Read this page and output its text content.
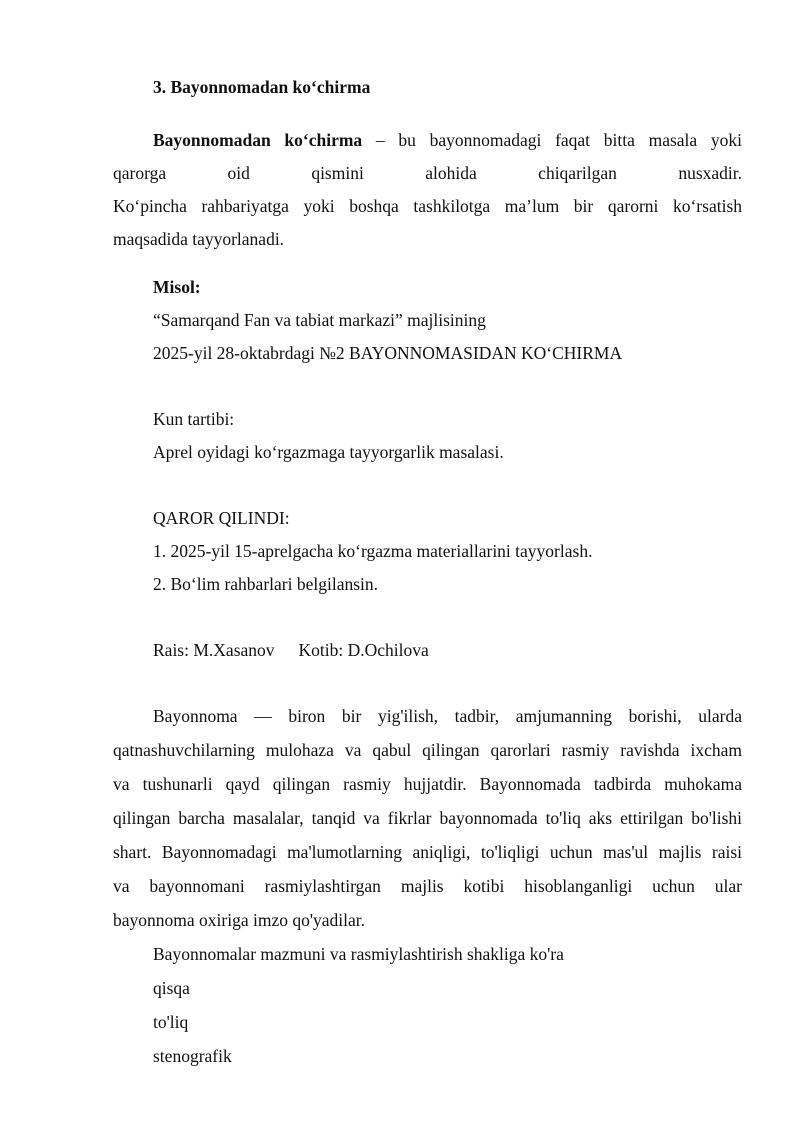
3. Bayonnomadan ko‘chirma
Bayonnomadan ko‘chirma – bu bayonnomadagi faqat bitta masala yoki
qarorga oid qismini alohida chiqarilgan nusxadir.
Ko‘pincha rahbariyatga yoki boshqa tashkilotga ma’lum bir qarorni ko‘rsatish
maqsadida tayyorlanadi.
Misol:
“Samarqand Fan va tabiat markazi” majlisining
2025-yil 28-oktabrdagi №2 BAYONNOMASIDAN KO‘CHIRMA
Kun tartibi:
Aprel oyidagi ko‘rgazmaga tayyorgarlik masalasi.
QAROR QILINDI:
1. 2025-yil 15-aprelgacha ko‘rgazma materiallarini tayyorlash.
2. Bo‘lim rahbarlari belgilansin.
Rais: M.Xasanov Kotib: D.Ochilova
Bayonnoma — biron bir yig'ilish, tadbir, amjumanning borishi, ularda
qatnashuvchilarning mulohaza va qabul qilingan qarorlari rasmiy ravishda ixcham
va tushunarli qayd qilingan rasmiy hujjatdir. Bayonnomada tadbirda muhokama
qilingan barcha masalalar, tanqid va fikrlar bayonnomada to'liq aks ettirilgan bo'lishi
shart. Bayonnomadagi ma'lumotlarning aniqligi, to'liqligi uchun mas'ul majlis raisi
va bayonnomani rasmiylashtirgan majlis kotibi hisoblanganligi uchun ular
bayonnoma oxiriga imzo qo'yadilar.
Bayonnomalar mazmuni va rasmiylashtirish shakliga ko'ra
qisqa
to'liq
stenografik
